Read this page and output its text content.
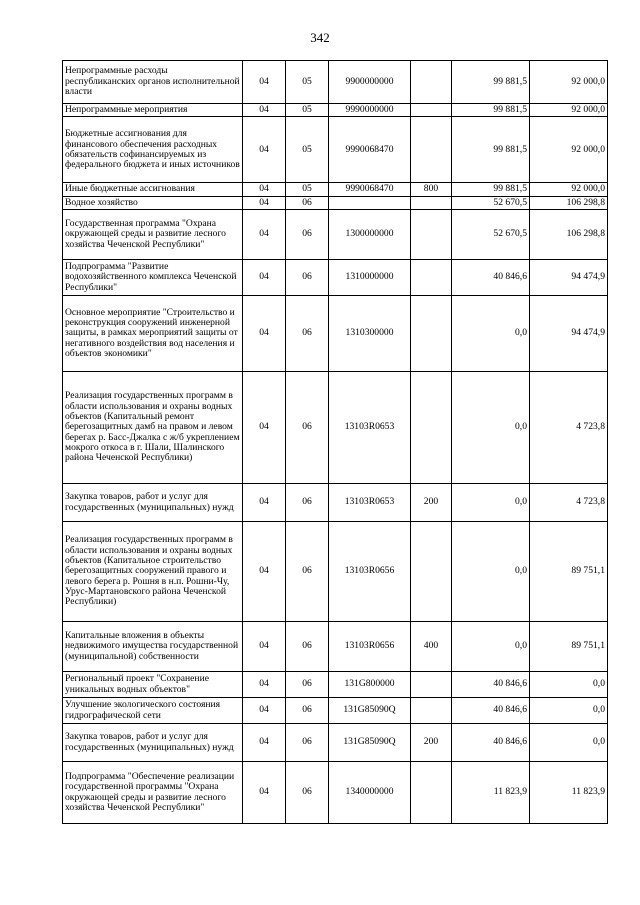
342
Непрограммные расходы республиканских органов исполнительной власти	04	05	9900000000		99 881,5	92 000,0
Непрограммные мероприятия	04	05	9990000000		99 881,5	92 000,0
Бюджетные ассигнования для финансового обеспечения расходных обязательств софинансируемых из федерального бюджета и иных источников	04	05	9990068470		99 881,5	92 000,0
Иные бюджетные ассигнования	04	05	9990068470	800	99 881,5	92 000,0
Водное хозяйство	04	06			52 670,5	106 298,8
Государственная программа "Охрана окружающей среды и развитие лесного хозяйства Чеченской Республики"	04	06	1300000000		52 670,5	106 298,8
Подпрограмма "Развитие водохозяйственного комплекса Чеченской Республики"	04	06	1310000000		40 846,6	94 474,9
Основное мероприятие "Строительство и реконструкция сооружений инженерной защиты, в рамках мероприятий защиты от негативного воздействия вод населения и объектов экономики"	04	06	1310300000		0,0	94 474,9
Реализация государственных программ в области использования и охраны водных объектов (Капитальный ремонт берегозащитных дамб на правом и левом берегах р. Басс-Джалка с ж/б укреплением мокрого откоса в г. Шали, Шалинского района Чеченской Республики)	04	06	13103R0653		0,0	4 723,8
Закупка товаров, работ и услуг для государственных (муниципальных) нужд	04	06	13103R0653	200	0,0	4 723,8
Реализация государственных программ в области использования и охраны водных объектов (Капитальное строительство берегозащитных сооружений правого и левого берега р. Рошня в н.п. Рошни-Чу, Урус-Мартановского района Чеченской Республики)	04	06	13103R0656		0,0	89 751,1
Капитальные вложения в объекты недвижимого имущества государственной (муниципальной) собственности	04	06	13103R0656	400	0,0	89 751,1
Региональный проект "Сохранение уникальных водных объектов"	04	06	131G800000		40 846,6	0,0
Улучшение экологического состояния гидрографической сети	04	06	131G85090Q		40 846,6	0,0
Закупка товаров, работ и услуг для государственных (муниципальных) нужд	04	06	131G85090Q	200	40 846,6	0,0
Подпрограмма "Обеспечение реализации государственной программы "Охрана окружающей среды и развитие лесного хозяйства Чеченской Республики"	04	06	1340000000		11 823,9	11 823,9
